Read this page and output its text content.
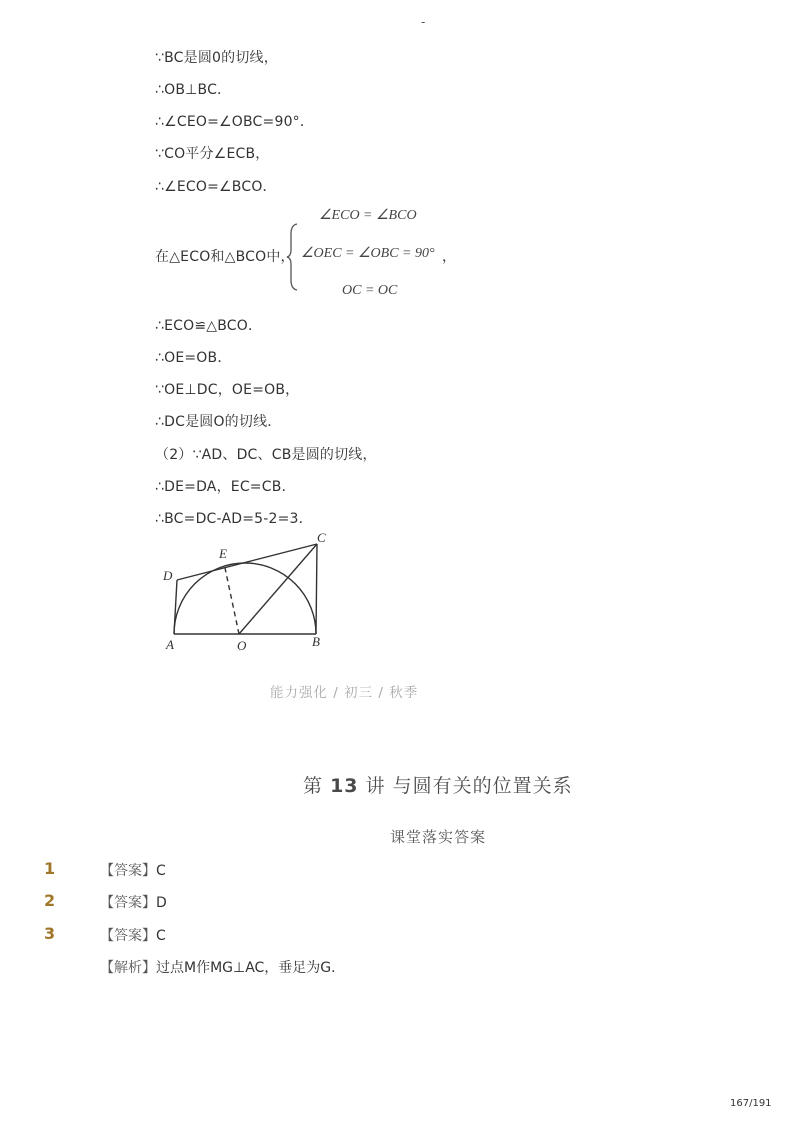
-
∵BC是圆0的切线，
∴OB⊥BC．
∴∠CEO=∠OBC=90°．
∵CO平分∠ECB，
∴∠ECO=∠BCO．
在△ECO和△BCO中，
∠ECO = ∠BCO
∠OEC = ∠OBC = 90° ，
OC = OC
∴ECO≌△BCO．
∴OE=OB．
∵OE⊥DC，OE=OB，
∴DC是圆O的切线．
（2）∵AD、DC、CB是圆的切线，
∴DE=DA，EC=CB．
∴BC=DC-AD=5-2=3．
D
E
C
A	O	B
能力强化 / 初三 / 秋季
第 13 讲 与圆有关的位置关系
课堂落实答案
1	【答案】C
2	【答案】D
3	【答案】C
【解析】过点M作MG⊥AC，垂足为G．
167/191
